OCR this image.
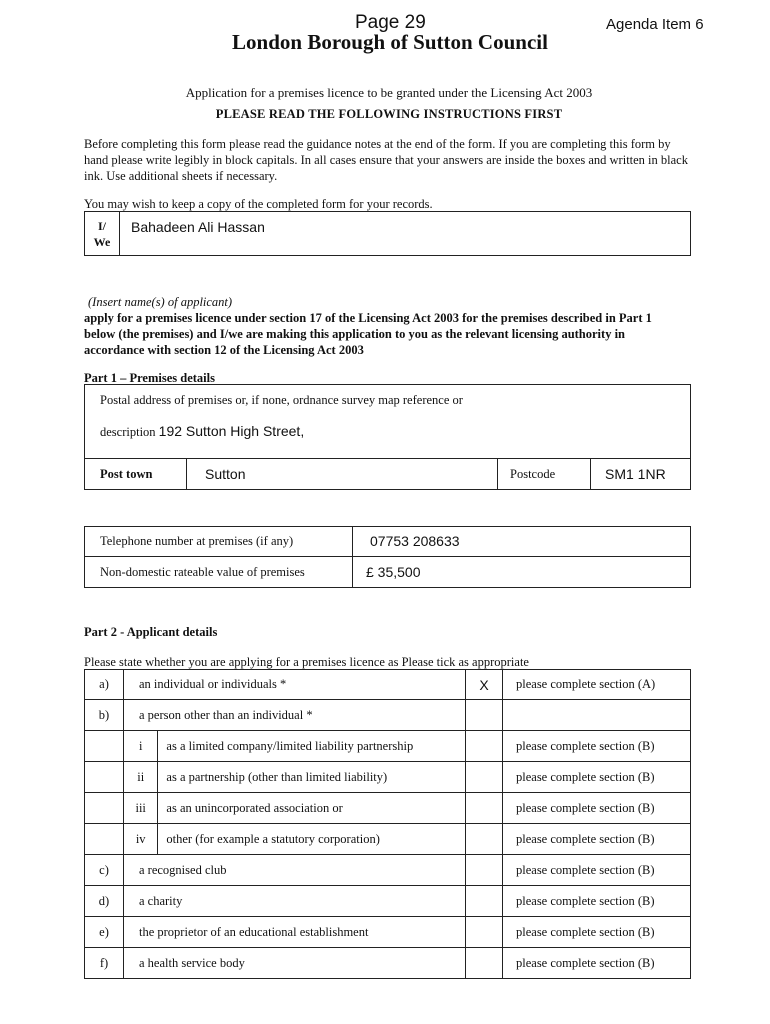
Page 29	Agenda Item 6
London Borough of Sutton Council
Application for a premises licence to be granted under the Licensing Act 2003
PLEASE READ THE FOLLOWING INSTRUCTIONS FIRST
Before completing this form please read the guidance notes at the end of the form. If you are completing this form by hand please write legibly in block capitals. In all cases ensure that your answers are inside the boxes and written in black ink. Use additional sheets if necessary.
You may wish to keep a copy of the completed form for your records.
I/
We
	Bahadeen Ali Hassan
(Insert name(s) of applicant)
apply for a premises licence under section 17 of the Licensing Act 2003 for the premises described in Part 1 below (the premises) and I/we are making this application to you as the relevant licensing authority in accordance with section 12 of the Licensing Act 2003
Part 1 – Premises details
Postal address of premises or, if none, ordnance survey map reference or
description 192 Sutton High Street,
Post town	Sutton	Postcode	SM1 1NR
Telephone number at premises (if any)	07753 208633
Non-domestic rateable value of premises	£ 35,500
Part 2 - Applicant details
Please state whether you are applying for a premises licence as Please tick as appropriate
a)	an individual or individuals *		X	please complete section (A)
b)	a person other than an individual *			
	i	as a limited company/limited liability partnership		please complete section (B)
	ii	as a partnership (other than limited liability)		please complete section (B)
	iii	as an unincorporated association or		please complete section (B)
	iv	other (for example a statutory corporation)		please complete section (B)
c)	a recognised club			please complete section (B)
d)	a charity			please complete section (B)
e)	the proprietor of an educational establishment			please complete section (B)
f)	a health service body			please complete section (B)
